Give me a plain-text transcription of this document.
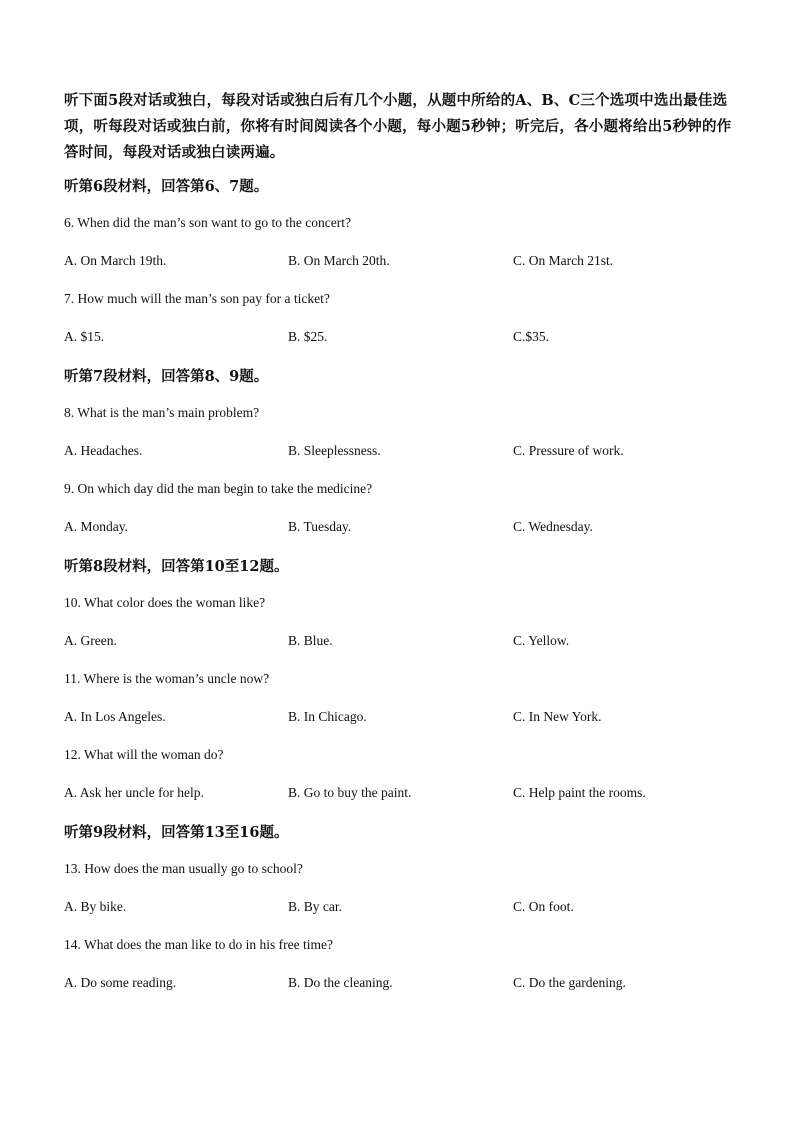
听下面5段对话或独白，每段对话或独白后有几个小题，从题中所给的A、B、C三个选项中选出最佳选项，听每段对话或独白前，你将有时间阅读各个小题，每小题5秒钟；听完后，各小题将给出5秒钟的作答时间，每段对话或独白读两遍。

听第6段材料，回答第6、7题。

6. When did the man’s son want to go to the concert?

A. On March 19th.	B. On March 20th.	C. On March 21st.

7. How much will the man’s son pay for a ticket?

A. $15.	B. $25.	C.$35.

听第7段材料，回答第8、9题。

8. What is the man’s main problem?

A. Headaches.	B. Sleeplessness.	C. Pressure of work.

9. On which day did the man begin to take the medicine?

A. Monday.	B. Tuesday.	C. Wednesday.

听第8段材料，回答第10至12题。

10. What color does the woman like?

A. Green.	B. Blue.	C. Yellow.

11. Where is the woman’s uncle now?

A. In Los Angeles.	B. In Chicago.	C. In New York.

12. What will the woman do?

A. Ask her uncle for help.	B. Go to buy the paint.	C. Help paint the rooms.

听第9段材料，回答第13至16题。

13. How does the man usually go to school?

A. By bike.	B. By car.	C. On foot.

14. What does the man like to do in his free time?

A. Do some reading.	B. Do the cleaning.	C. Do the gardening.
